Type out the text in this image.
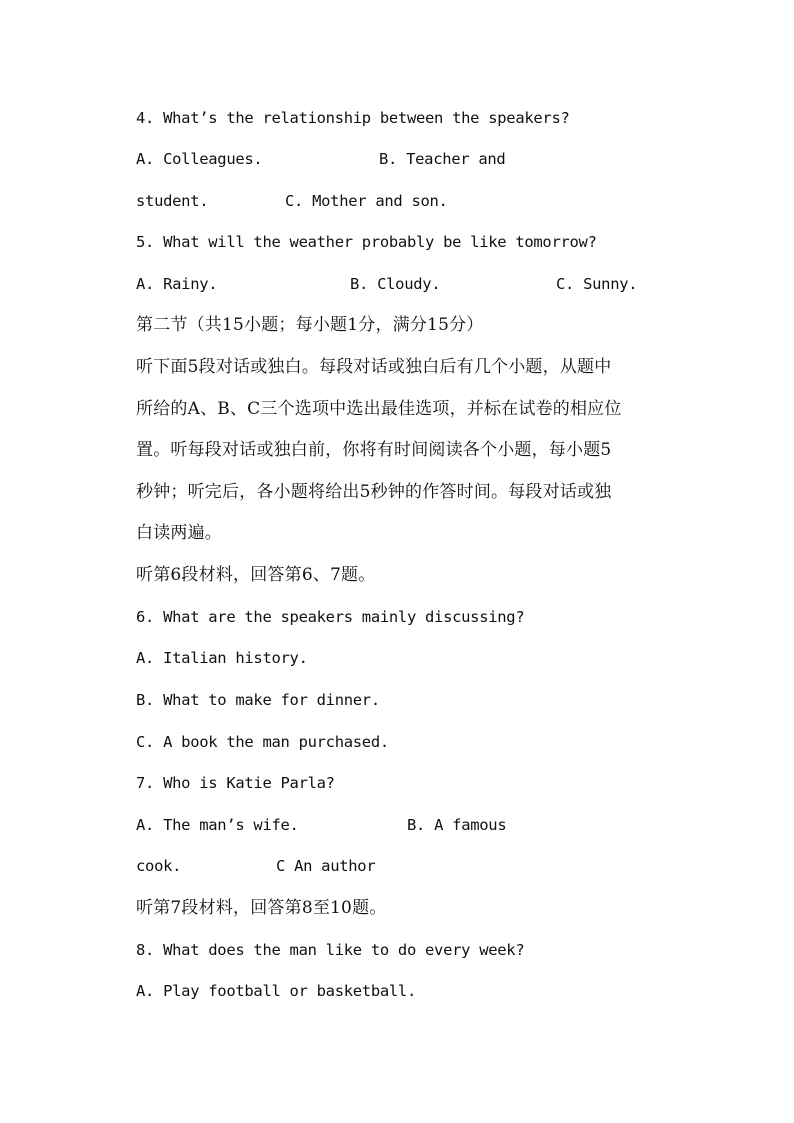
4. What’s the relationship between the speakers?

A. Colleagues.

	B. Teacher and

student.

	C. Mother and son.

5. What will the weather probably be like tomorrow?

A. Rainy.

	B. Cloudy.

	C. Sunny.

第二节（共15小题；每小题1分，满分15分）
听下面5段对话或独白。每段对话或独白后有几个小题，从题中
所给的A、B、C三个选项中选出最佳选项，并标在试卷的相应位
置。听每段对话或独白前，你将有时间阅读各个小题，每小题5
秒钟；听完后，各小题将给出5秒钟的作答时间。每段对话或独
白读两遍。
听第6段材料，回答第6、7题。
6. What are the speakers mainly discussing?
A. Italian history.
B. What to make for dinner.
C. A book the man purchased.
7. Who is Katie Parla?

A. The man’s wife.

	B. A famous

cook.

	C An author

听第7段材料，回答第8至10题。
8. What does the man like to do every week?
A. Play football or basketball.
